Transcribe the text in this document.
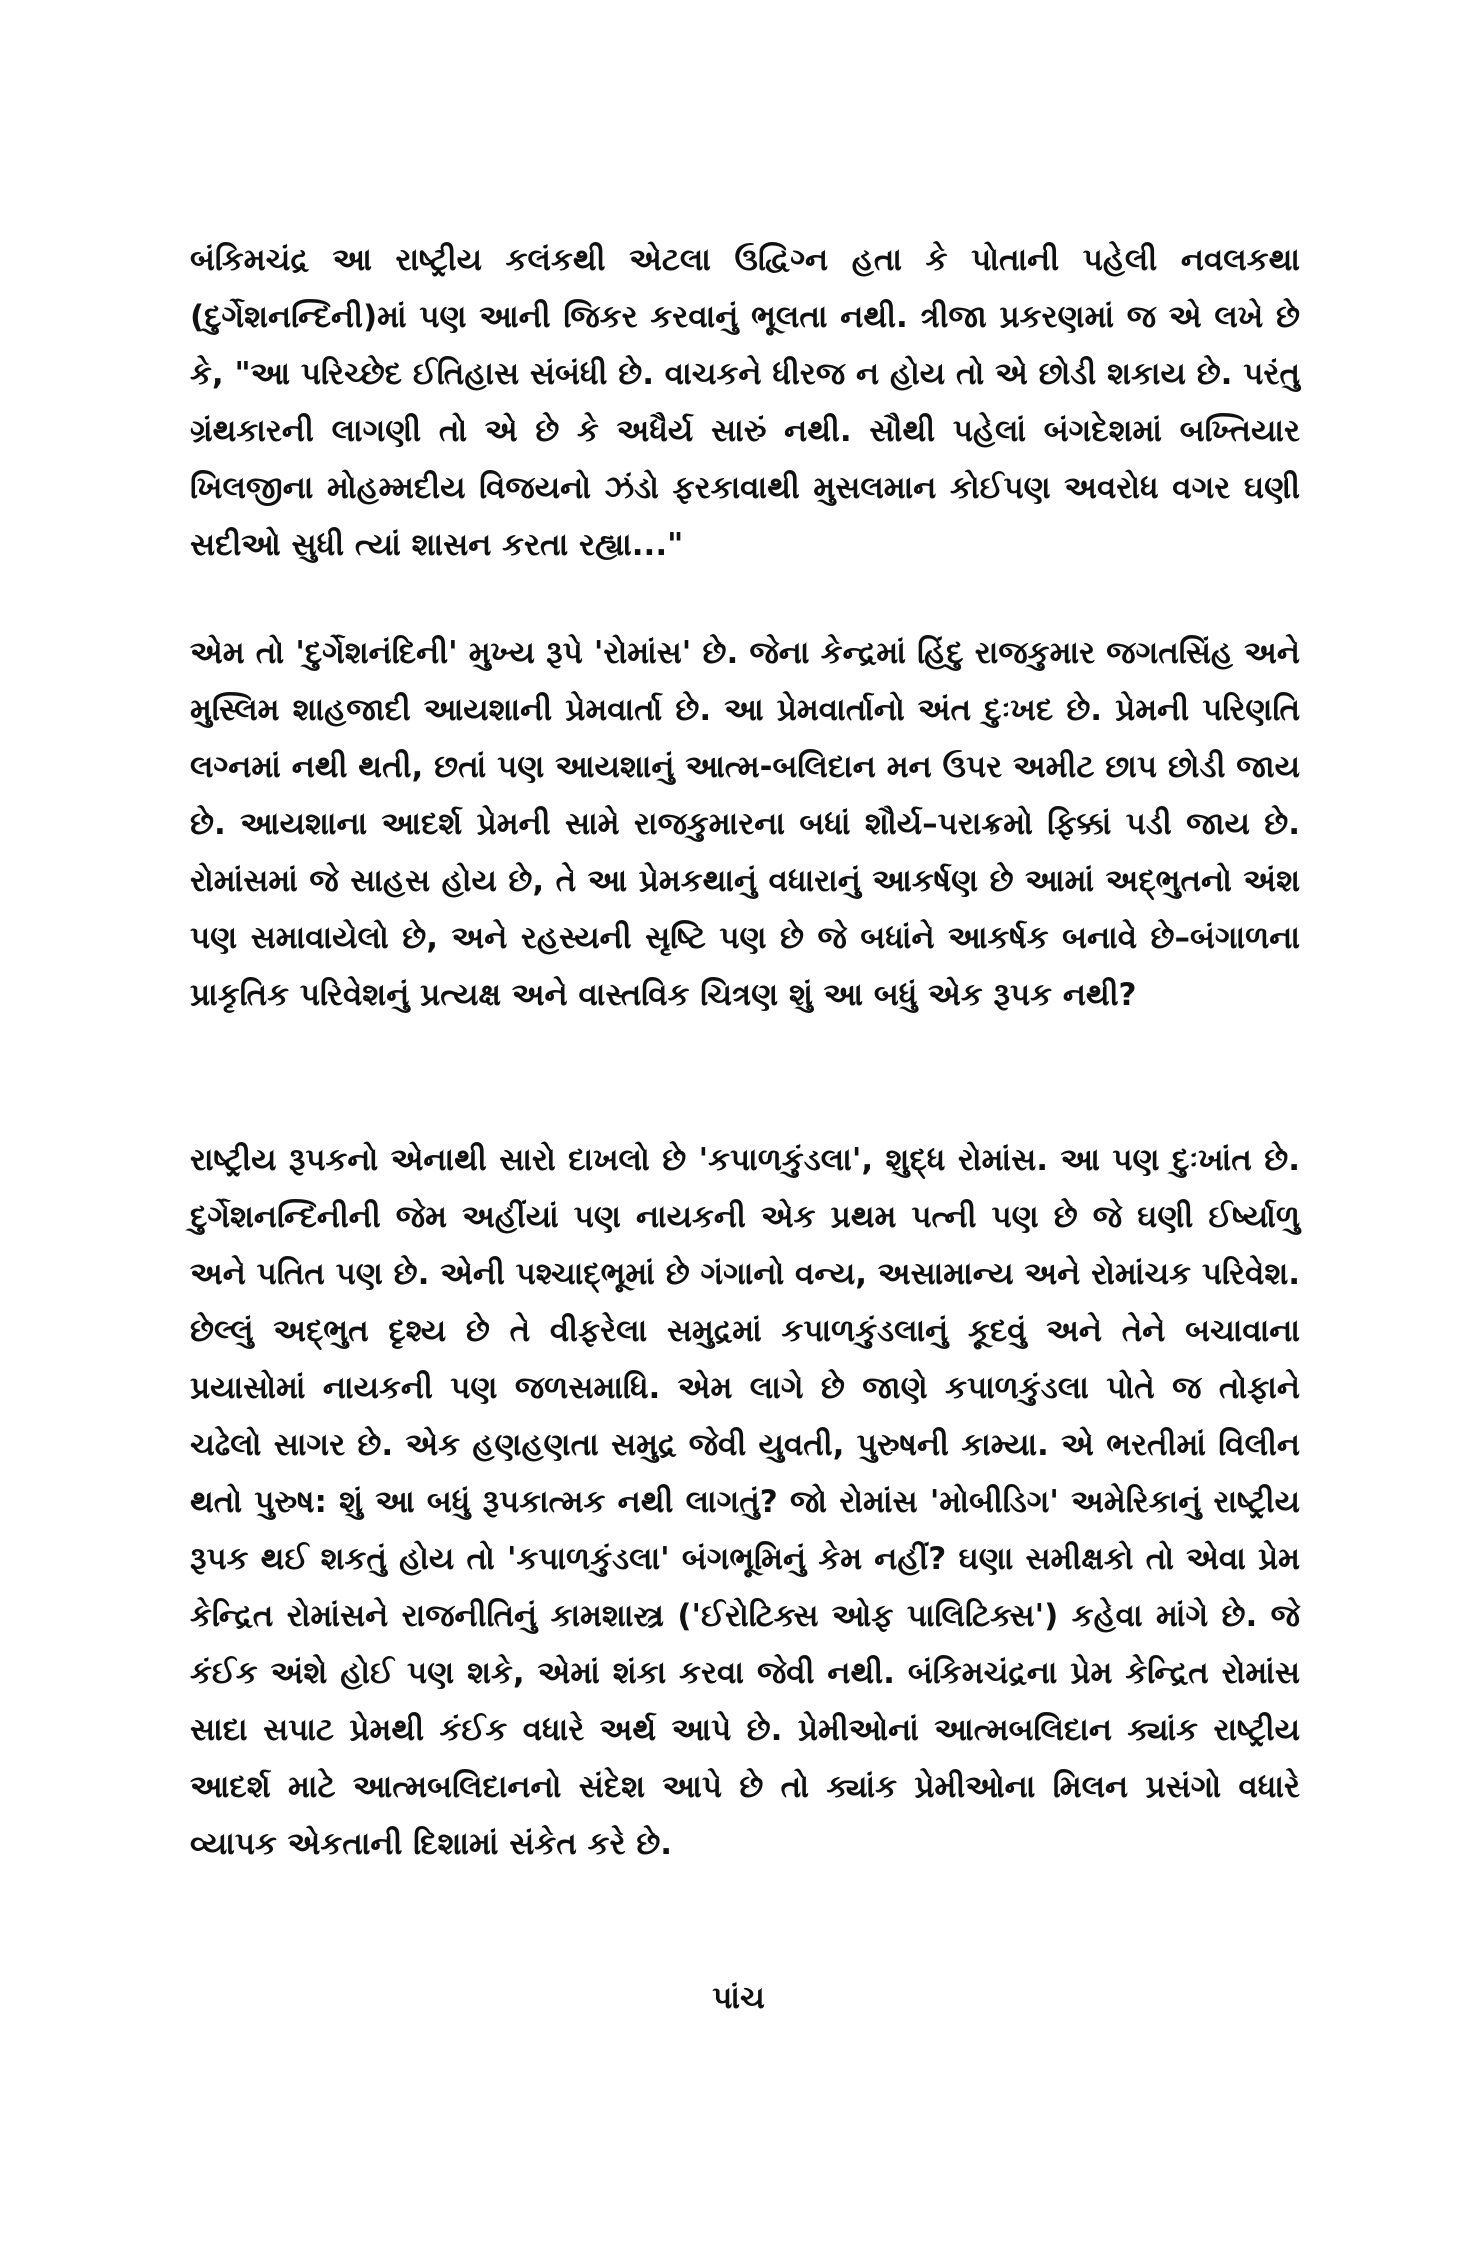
બંકિમચંદ્ર આ રાષ્ટ્રીય કલંકથી એટલા ઉદ્વિગ્ન હતા કે પોતાની પહેલી નવલકથા (દુર્ગેશનન્દિની)માં પણ આની જિકર કરવાનું ભૂલતા નથી. ત્રીજા પ્રકરણમાં જ એ લખે છે કે, "આ પરિચ્છેદ ઈતિહાસ સંબંધી છે. વાચકને ધીરજ ન હોય તો એ છોડી શકાય છે. પરંતુ ગ્રંથકારની લાગણી તો એ છે કે અધૈર્ય સારું નથી. સૌથી પહેલાં બંગદેશમાં બખ્તિયાર ખિલજીના મોહમ્મદીય વિજયનો ઝંડો ફરકાવાથી મુસલમાન કોઈપણ અવરોધ વગર ઘણી સદીઓ સુધી ત્યાં શાસન કરતા રહ્યા..."

એમ તો 'દુર્ગેશનંદિની' મુખ્ય રૂપે 'રોમાંસ' છે. જેના કેન્દ્રમાં હિંદુ રાજકુમાર જગતસિંહ અને મુસ્લિમ શાહજાદી આયશાની પ્રેમવાર્તા છે. આ પ્રેમવાર્તાનો અંત દુઃખદ છે. પ્રેમની પરિણતિ લગ્નમાં નથી થતી, છતાં પણ આયશાનું આત્મ-બલિદાન મન ઉપર અમીટ છાપ છોડી જાય છે. આયશાના આદર્શ પ્રેમની સામે રાજકુમારના બધાં શૌર્ય–પરાક્રમો ફિક્કાં પડી જાય છે. રોમાંસમાં જે સાહસ હોય છે, તે આ પ્રેમકથાનું વધારાનું આકર્ષણ છે આમાં અદ્ભુતનો અંશ પણ સમાવાયેલો છે, અને રહસ્યની સૃષ્ટિ પણ છે જે બધાંને આકર્ષક બનાવે છે–બંગાળના પ્રાકૃતિક પરિવેશનું પ્રત્યક્ષ અને વાસ્તવિક ચિત્રણ શું આ બધું એક રૂપક નથી?

રાષ્ટ્રીય રૂપકનો એનાથી સારો દાખલો છે 'કપાળકુંડલા', શુદ્ધ રોમાંસ. આ પણ દુઃખાંત છે. દુર્ગેશનન્દિનીની જેમ અહીંયાં પણ નાયકની એક પ્રથમ પત્ની પણ છે જે ઘણી ઈર્ષ્યાળુ અને પતિત પણ છે. એની પશ્ચાદ્ભૂમાં છે ગંગાનો વન્ય, અસામાન્ય અને રોમાંચક પરિવેશ. છેલ્લું અદ્ભુત દૃશ્ય છે તે વીફરેલા સમુદ્રમાં કપાળકુંડલાનું કૂદવું અને તેને બચાવાના પ્રયાસોમાં નાયકની પણ જળસમાધિ. એમ લાગે છે જાણે કપાળકુંડલા પોતે જ તોફાને ચઢેલો સાગર છે. એક હણહણતા સમુદ્ર જેવી યુવતી, પુરુષની કામ્યા. એ ભરતીમાં વિલીન થતો પુરુષ: શું આ બધું રૂપકાત્મક નથી લાગતું? જો રોમાંસ 'મોબીડિગ' અમેરિકાનું રાષ્ટ્રીય રૂપક થઈ શકતું હોય તો 'કપાળકુંડલા' બંગભૂમિનું કેમ નહીં? ઘણા સમીક્ષકો તો એવા પ્રેમ કેન્દ્રિત રોમાંસને રાજનીતિનું કામશાસ્ત્ર ('ઈરોટિક્સ ઓફ પાલિટિક્સ') કહેવા માંગે છે. જે કંઈક અંશે હોઈ પણ શકે, એમાં શંકા કરવા જેવી નથી. બંકિમચંદ્રના પ્રેમ કેન્દ્રિત રોમાંસ સાદા સપાટ પ્રેમથી કંઈક વધારે અર્થ આપે છે. પ્રેમીઓનાં આત્મબલિદાન ક્યાંક રાષ્ટ્રીય આદર્શ માટે આત્મબલિદાનનો સંદેશ આપે છે તો ક્યાંક પ્રેમીઓના મિલન પ્રસંગો વધારે વ્યાપક એકતાની દિશામાં સંકેત કરે છે.

પાંચ
